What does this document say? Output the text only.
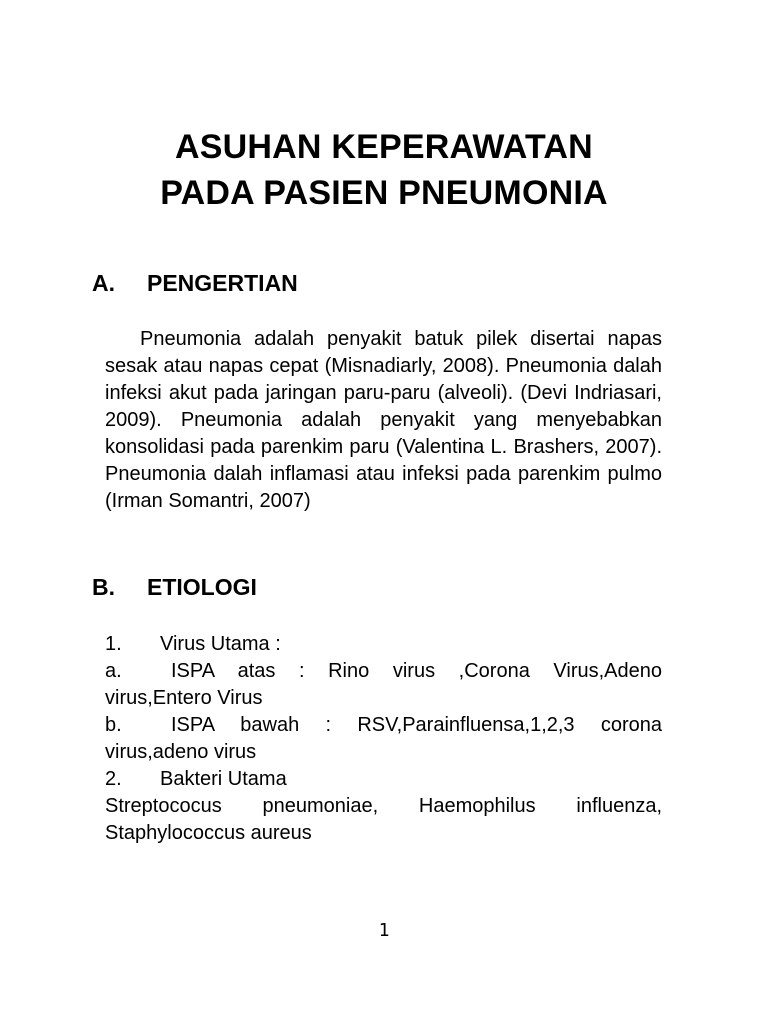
ASUHAN KEPERAWATAN
PADA PASIEN PNEUMONIA
A. PENGERTIAN

Pneumonia adalah penyakit batuk pilek disertai napas sesak atau napas cepat (Misnadiarly, 2008). Pneumonia dalah infeksi akut pada jaringan paru-paru (alveoli). (Devi Indriasari, 2009). Pneumonia adalah penyakit yang menyebabkan konsolidasi pada parenkim paru (Valentina L. Brashers, 2007). Pneumonia dalah inflamasi atau infeksi pada parenkim pulmo (Irman Somantri, 2007)

B. ETIOLOGI
1. Virus Utama :
a. ISPA atas : Rino virus ,Corona Virus,Adeno virus,Entero Virus
b. ISPA bawah : RSV,Parainfluensa,1,2,3 corona virus,adeno virus
2. Bakteri Utama
Streptococus pneumoniae, Haemophilus influenza, Staphylococcus aureus
1
